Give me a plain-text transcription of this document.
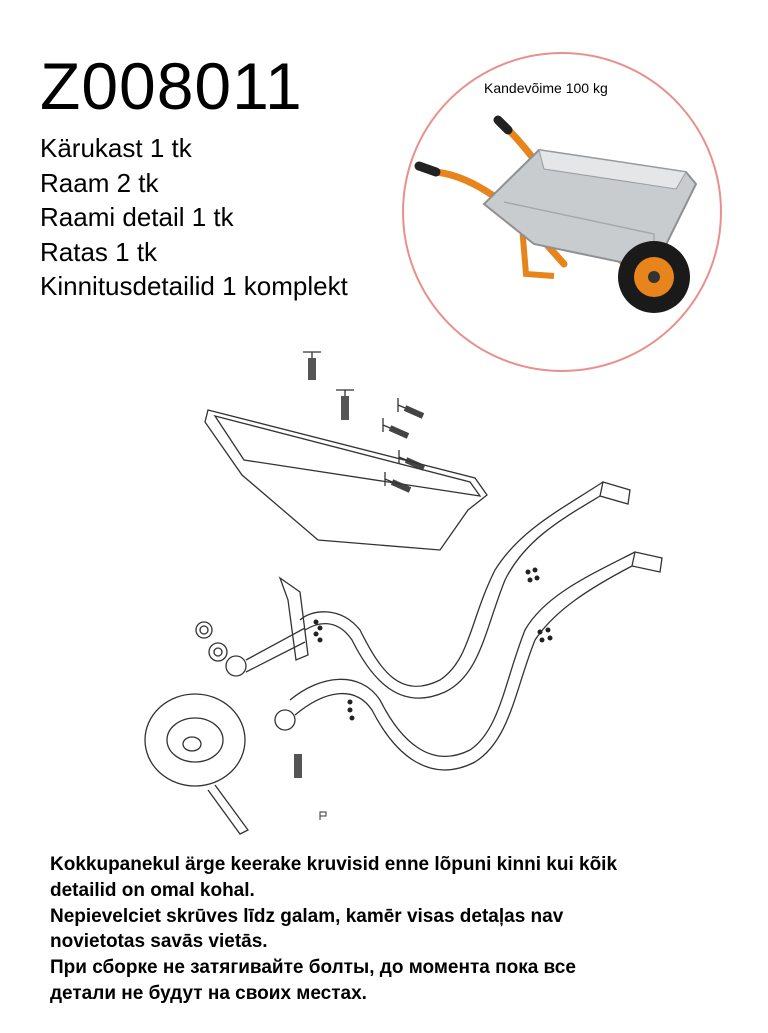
Z008011
Kärukast 1 tk
Raam 2 tk
Raami detail 1 tk
Ratas 1 tk
Kinnitusdetailid 1 komplekt
Kandevõime 100 kg

Kokkupanekul ärge keerake kruvisid enne lõpuni kinni kui kõik

detailid on omal kohal.

Nepievelciet skrūves līdz galam, kamēr visas detaļas nav

novietotas savās vietās.

При сборке не затягивайте болты, до момента пока все

детали не будут на своих местах.
